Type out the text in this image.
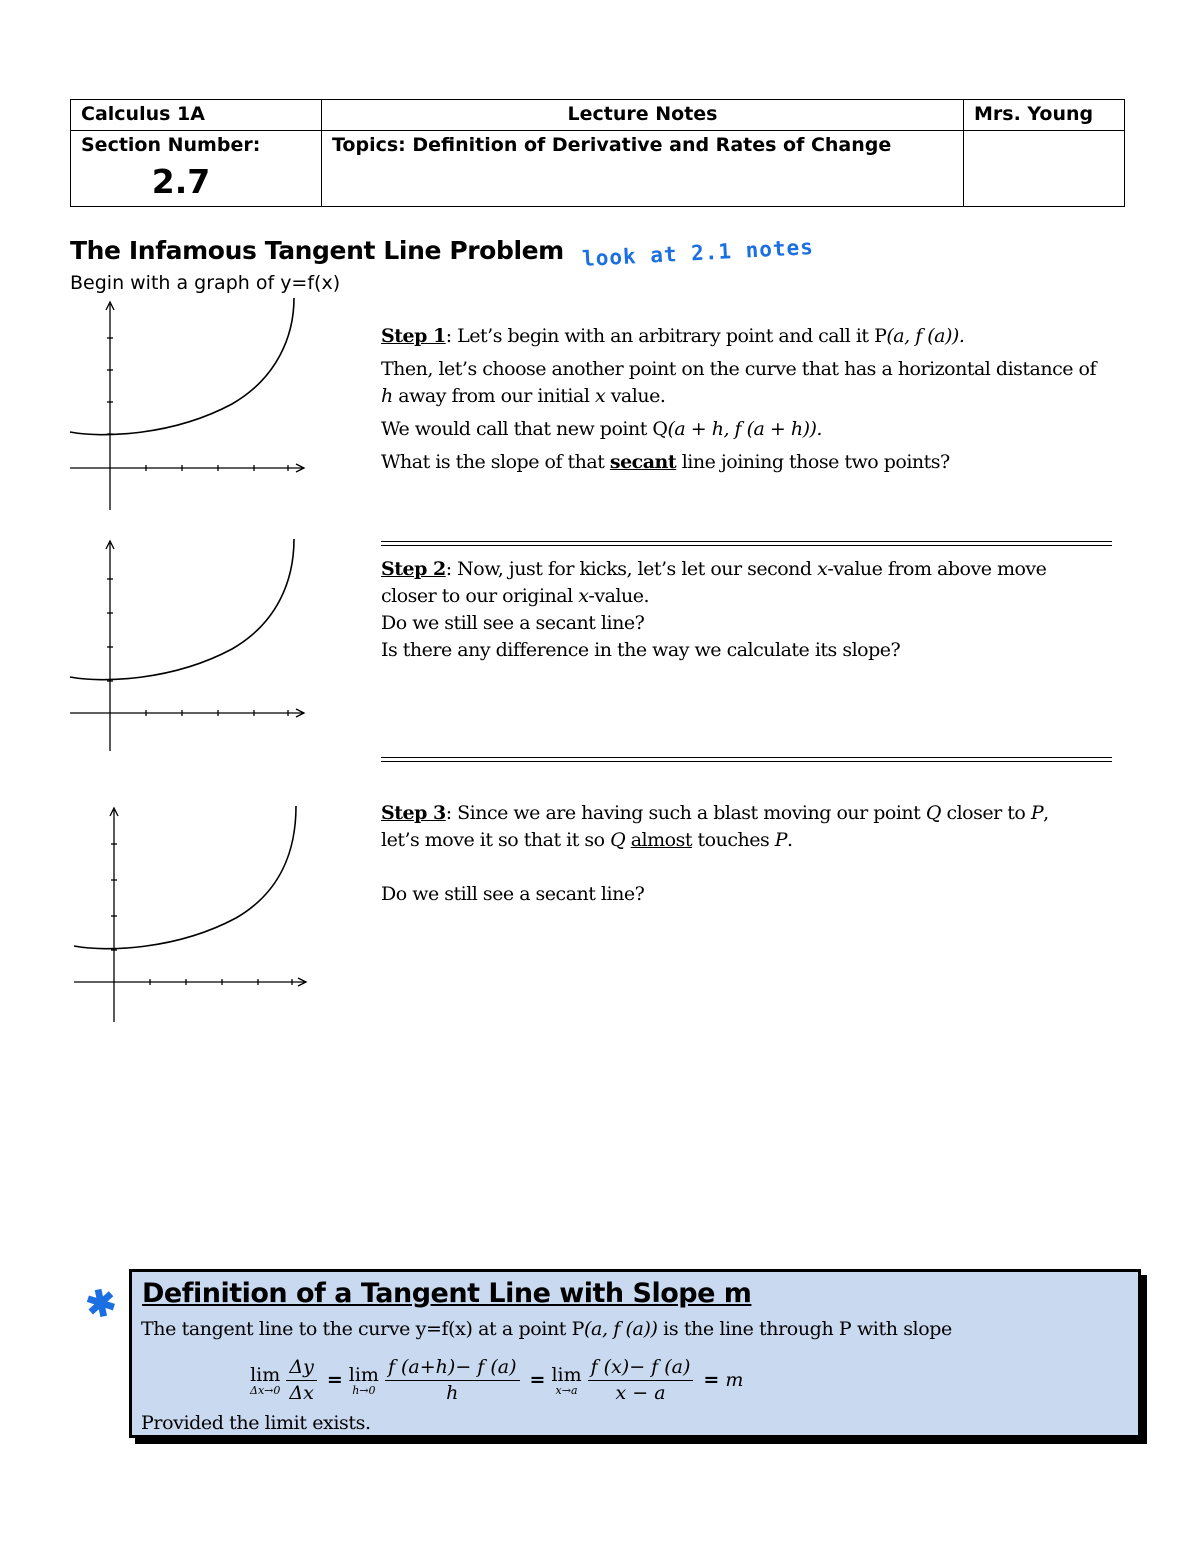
Calculus 1A	Lecture Notes	Mrs. Young
Section Number:
2.7	Topics: Definition of Derivative and Rates of Change	
The Infamous Tangent Line Problem look at 2.1 notes
Begin with a graph of y=f(x)

Step 1: Let’s begin with an arbitrary point and call it P(a, f (a)).

Then, let’s choose another point on the curve that has a horizontal distance of

h away from our initial x value.

We would call that new point Q(a + h, f (a + h)).

What is the slope of that secant line joining those two points?

Step 2: Now, just for kicks, let’s let our second x-value from above move

closer to our original x-value.

Do we still see a secant line?

Is there any difference in the way we calculate its slope?

Step 3: Since we are having such a blast moving our point Q closer to P,

let’s move it so that it so Q almost touches P.

Do we still see a secant line?

✱ Definition of a Tangent Line with Slope m
The tangent line to the curve y=f(x) at a point P(a, f (a)) is the line through P with slope
lim
$\Delta x\to 0 \frac{\Delta y}{\Delta x} = \lim$
$h\to 0 \frac{f (a+h)- f (a)}{h} = \lim$
$x\to a \frac{f (x)- f (a)}{x - a} = m$
Provided the limit exists.
